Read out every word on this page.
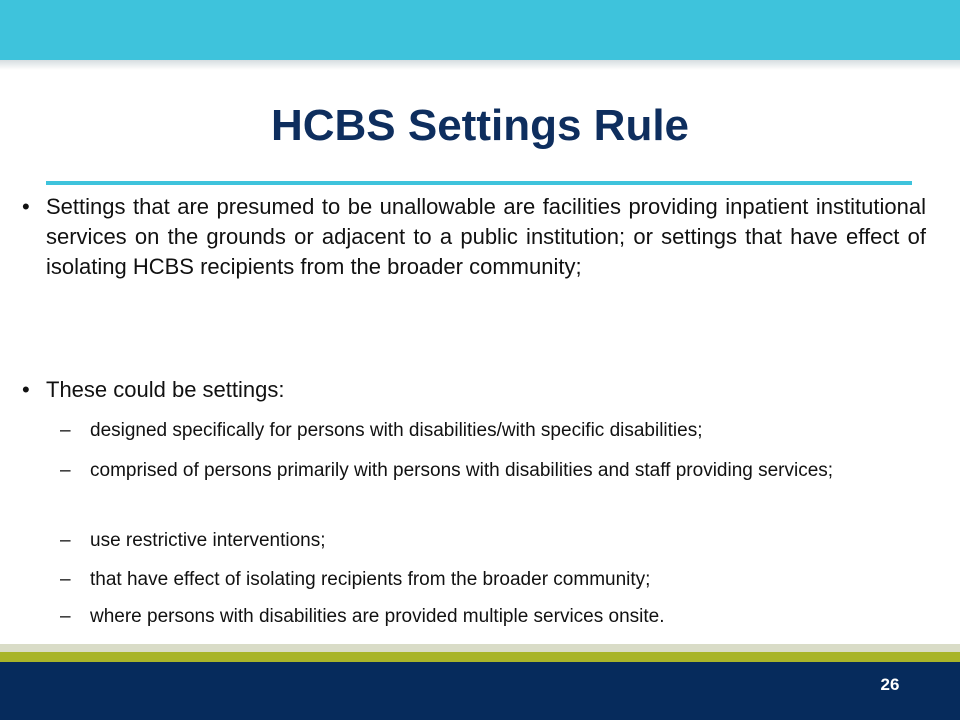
HCBS Settings Rule
• Settings that are presumed to be unallowable are facilities providing inpatient institutional services on the grounds or adjacent to a public institution; or settings that have effect of isolating HCBS recipients from the broader community;
• These could be settings:
– designed specifically for persons with disabilities/with specific disabilities;
– comprised of persons primarily with persons with disabilities and staff providing services;
– use restrictive interventions;
– that have effect of isolating recipients from the broader community;
– where persons with disabilities are provided multiple services onsite.
26
